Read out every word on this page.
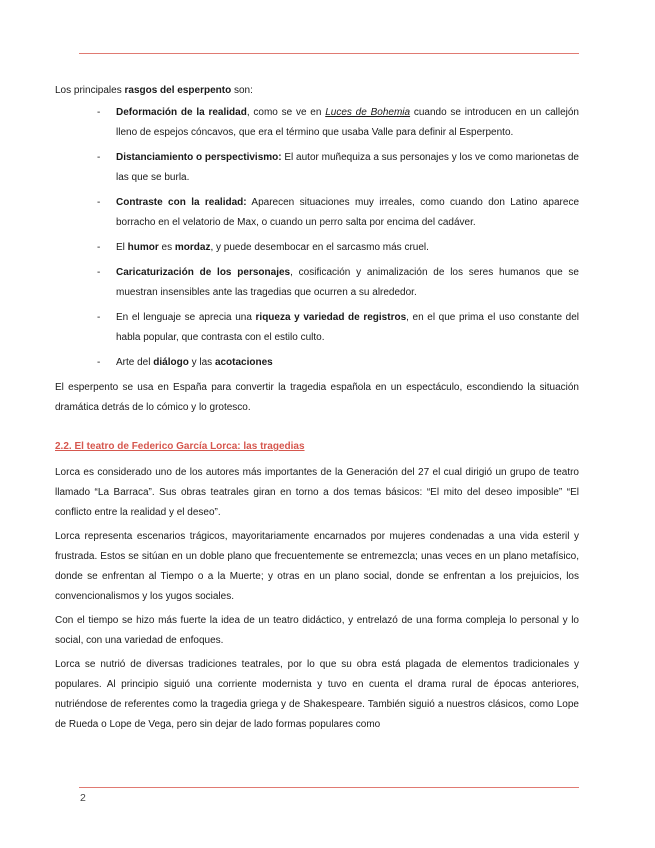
Los principales rasgos del esperpento son:

- Deformación de la realidad, como se ve en Luces de Bohemia cuando se introducen en un callejón lleno de espejos cóncavos, que era el término que usaba Valle para definir al Esperpento.
- Distanciamiento o perspectivismo: El autor muñequiza a sus personajes y los ve como marionetas de las que se burla.
- Contraste con la realidad: Aparecen situaciones muy irreales, como cuando don Latino aparece borracho en el velatorio de Max, o cuando un perro salta por encima del cadáver.
- El humor es mordaz, y puede desembocar en el sarcasmo más cruel.
- Caricaturización de los personajes, cosificación y animalización de los seres humanos que se muestran insensibles ante las tragedias que ocurren a su alrededor.
- En el lenguaje se aprecia una riqueza y variedad de registros, en el que prima el uso constante del habla popular, que contrasta con el estilo culto.
- Arte del diálogo y las acotaciones

El esperpento se usa en España para convertir la tragedia española en un espectáculo, escondiendo la situación dramática detrás de lo cómico y lo grotesco.

2.2. El teatro de Federico García Lorca: las tragedias

Lorca es considerado uno de los autores más importantes de la Generación del 27 el cual dirigió un grupo de teatro llamado “La Barraca”. Sus obras teatrales giran en torno a dos temas básicos: “El mito del deseo imposible” “El conflicto entre la realidad y el deseo”.

Lorca representa escenarios trágicos, mayoritariamente encarnados por mujeres condenadas a una vida esteril y frustrada. Estos se sitúan en un doble plano que frecuentemente se entremezcla; unas veces en un plano metafísico, donde se enfrentan al Tiempo o a la Muerte; y otras en un plano social, donde se enfrentan a los prejuicios, los convencionalismos y los yugos sociales.

Con el tiempo se hizo más fuerte la idea de un teatro didáctico, y entrelazó de una forma compleja lo personal y lo social, con una variedad de enfoques.

Lorca se nutrió de diversas tradiciones teatrales, por lo que su obra está plagada de elementos tradicionales y populares. Al principio siguió una corriente modernista y tuvo en cuenta el drama rural de épocas anteriores, nutriéndose de referentes como la tragedia griega y de Shakespeare. También siguió a nuestros clásicos, como Lope de Rueda o Lope de Vega, pero sin dejar de lado formas populares como

2
